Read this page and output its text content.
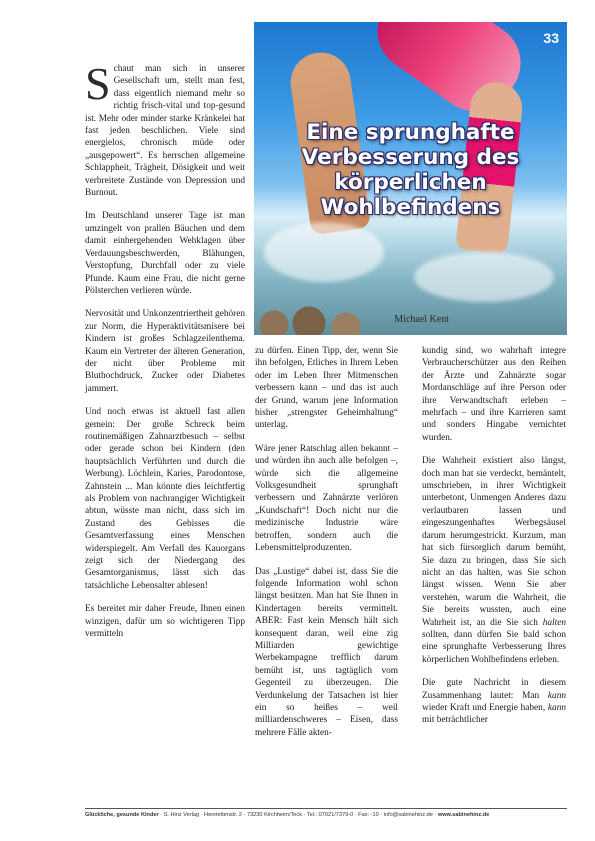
33
Eine sprunghafte Verbesserung des körperlichen Wohlbefindens
Michael Kent

Schaut man sich in unserer Gesellschaft um, stellt man fest, dass eigentlich niemand mehr so richtig frisch-vital und top-gesund ist. Mehr oder minder starke Kränkelei hat fast jeden beschlichen. Viele sind energielos, chronisch müde oder „ausgepowert“. Es herrschen allgemeine Schlappheit, Trägheit, Dösigkeit und weit verbreitete Zustände von Depression und Burnout.

Im Deutschland unserer Tage ist man umzingelt von prallen Bäuchen und dem damit einhergehenden Wehklagen über Verdauungsbeschwerden, Blähungen, Verstopfung, Durchfall oder zu viele Pfunde. Kaum eine Frau, die nicht gerne Pölsterchen verlieren würde.

Nervosität und Unkonzentriertheit gehören zur Norm, die Hyperaktivitätsmisere bei Kindern ist großes Schlagzeilenthema. Kaum ein Vertreter der älteren Generation, der nicht über Probleme mit Bluthochdruck, Zucker oder Diabetes jammert.

Und noch etwas ist aktuell fast allen gemein: Der große Schreck beim routinemäßigen Zahnarztbesuch – selbst oder gerade schon bei Kindern (den hauptsächlich Verführten und durch die Werbung). Löchlein, Karies, Parodontose, Zahnstein ... Man könnte dies leichtfertig als Problem von nachrangiger Wichtigkeit abtun, wüsste man nicht, dass sich im Zustand des Gebisses die Gesamtverfassung eines Menschen widerspiegelt. Am Verfall des Kauorgans zeigt sich der Niedergang des Gesamtorganismus, lässt sich das tatsächliche Lebensalter ablesen!

Es bereitet mir daher Freude, Ihnen einen winzigen, dafür um so wichtigeren Tipp vermitteln

zu dürfen. Einen Tipp, der, wenn Sie ihn befolgen, Etliches in Ihrem Leben oder im Leben Ihrer Mitmenschen verbessern kann – und das ist auch der Grund, warum jene Information bisher „strengster Geheimhaltung“ unterlag.

Wäre jener Ratschlag allen bekannt – und würden ihn auch alle befolgen –, würde sich die allgemeine Volksgesundheit sprunghaft verbessern und Zahnärzte verlören „Kundschaft“! Doch nicht nur die medizinische Industrie wäre betroffen, sondern auch die Lebensmittelproduzenten.

Das „Lustige“ dabei ist, dass Sie die folgende Information wohl schon längst besitzen. Man hat Sie Ihnen in Kindertagen bereits vermittelt. ABER: Fast kein Mensch hält sich konsequent daran, weil eine zig Milliarden gewichtige Werbekampagne trefflich darum bemüht ist, uns tagtäglich vom Gegenteil zu überzeugen. Die Verdunkelung der Tatsachen ist hier ein so heißes – weil milliardenschweres – Eisen, dass mehrere Fälle akten-

kundig sind, wo wahrhaft integre Verbraucherschützer aus den Reihen der Ärzte und Zahnärzte sogar Mordanschläge auf ihre Person oder ihre Verwandtschaft erleben – mehrfach – und ihre Karrieren samt und sonders Hingabe vernichtet wurden.

Die Wahrheit existiert also längst, doch man hat sie verdeckt, bemäntelt, umschrieben, in ihrer Wichtigkeit unterbetont, Unmengen Anderes dazu verlautbaren lassen und eingeszungenhaftes Werbegsäusel darum herumgestrickt. Kurzum, man hat sich fürsorglich darum bemüht, Sie dazu zu bringen, dass Sie sich nicht an das halten, was Sie schon längst wissen. Wenn Sie aber verstehen, warum die Wahrheit, die Sie bereits wussten, auch eine Wahrheit ist, an die Sie sich halten sollten, dann dürfen Sie bald schon eine sprunghafte Verbesserung Ihres körperlichen Wohlbefindens erleben.

Die gute Nachricht in diesem Zusammenhang lautet: Man kann wieder Kraft und Energie haben, kann mit beträchtlicher

Glückliche, gesunde Kinder · S. Hinz Verlag · Henriettenstr. 2 · 73230 Kirchheim/Teck · Tel.: 07021/7379-0 · Fax: -10 · info@sabinehinz.de · www.sabinehinz.de
